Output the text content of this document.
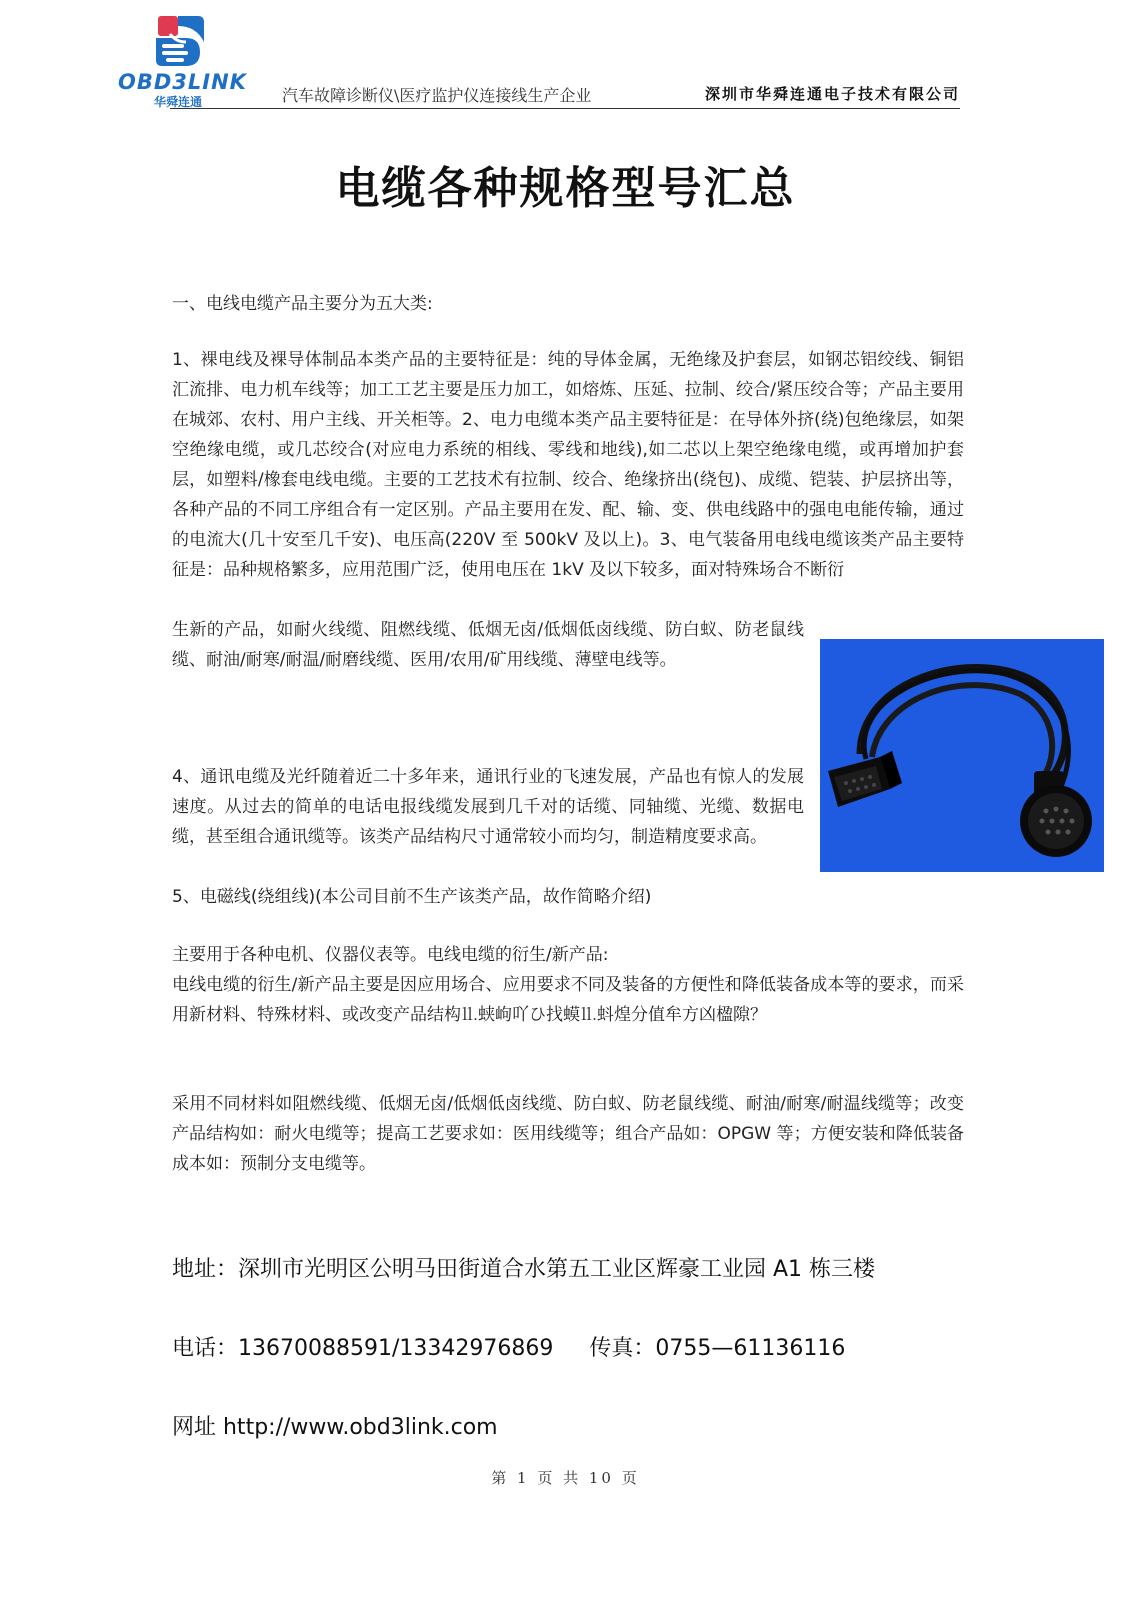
OBD3LINK
华舜连通	汽车故障诊断仪\医疗监护仪连接线生产企业	深圳市华舜连通电子技术有限公司
电缆各种规格型号汇总
一、电线电缆产品主要分为五大类:
1、裸电线及裸导体制品本类产品的主要特征是：纯的导体金属，无绝缘及护套层，如钢芯铝绞线、铜铝汇流排、电力机车线等；加工工艺主要是压力加工，如熔炼、压延、拉制、绞合/紧压绞合等；产品主要用在城郊、农村、用户主线、开关柜等。2、电力电缆本类产品主要特征是：在导体外挤(绕)包绝缘层，如架空绝缘电缆，或几芯绞合(对应电力系统的相线、零线和地线),如二芯以上架空绝缘电缆，或再增加护套层，如塑料/橡套电线电缆。主要的工艺技术有拉制、绞合、绝缘挤出(绕包)、成缆、铠装、护层挤出等，各种产品的不同工序组合有一定区别。产品主要用在发、配、输、变、供电线路中的强电电能传输，通过的电流大(几十安至几千安)、电压高(220V 至 500kV 及以上)。3、电气装备用电线电缆该类产品主要特征是：品种规格繁多，应用范围广泛，使用电压在 1kV 及以下较多，面对特殊场合不断衍
生新的产品，如耐火线缆、阻燃线缆、低烟无卤/低烟低卤线缆、防白蚁、防老鼠线缆、耐油/耐寒/耐温/耐磨线缆、医用/农用/矿用线缆、薄壁电线等。
4、通讯电缆及光纤随着近二十多年来，通讯行业的飞速发展，产品也有惊人的发展速度。从过去的简单的电话电报线缆发展到几千对的话缆、同轴缆、光缆、数据电缆，甚至组合通讯缆等。该类产品结构尺寸通常较小而均匀，制造精度要求高。
5、电磁线(绕组线)(本公司目前不生产该类产品，故作简略介绍)
主要用于各种电机、仪器仪表等。电线电缆的衍生/新产品:
电线电缆的衍生/新产品主要是因应用场合、应用要求不同及装备的方便性和降低装备成本等的要求，而采用新材料、特殊材料、或改变产品结构⒒蛱岣吖ひ找蟆⒒蚪煌分值牟方凶楹隙？
采用不同材料如阻燃线缆、低烟无卤/低烟低卤线缆、防白蚁、防老鼠线缆、耐油/耐寒/耐温线缆等；改变产品结构如：耐火电缆等；提高工艺要求如：医用线缆等；组合产品如：OPGW 等；方便安装和降低装备成本如：预制分支电缆等。
地址：深圳市光明区公明马田街道合水第五工业区辉豪工业园 A1 栋三楼
电话：13670088591/13342976869 传真：0755—61136116
网址 http://www.obd3link.com
第 1 页 共 10 页
